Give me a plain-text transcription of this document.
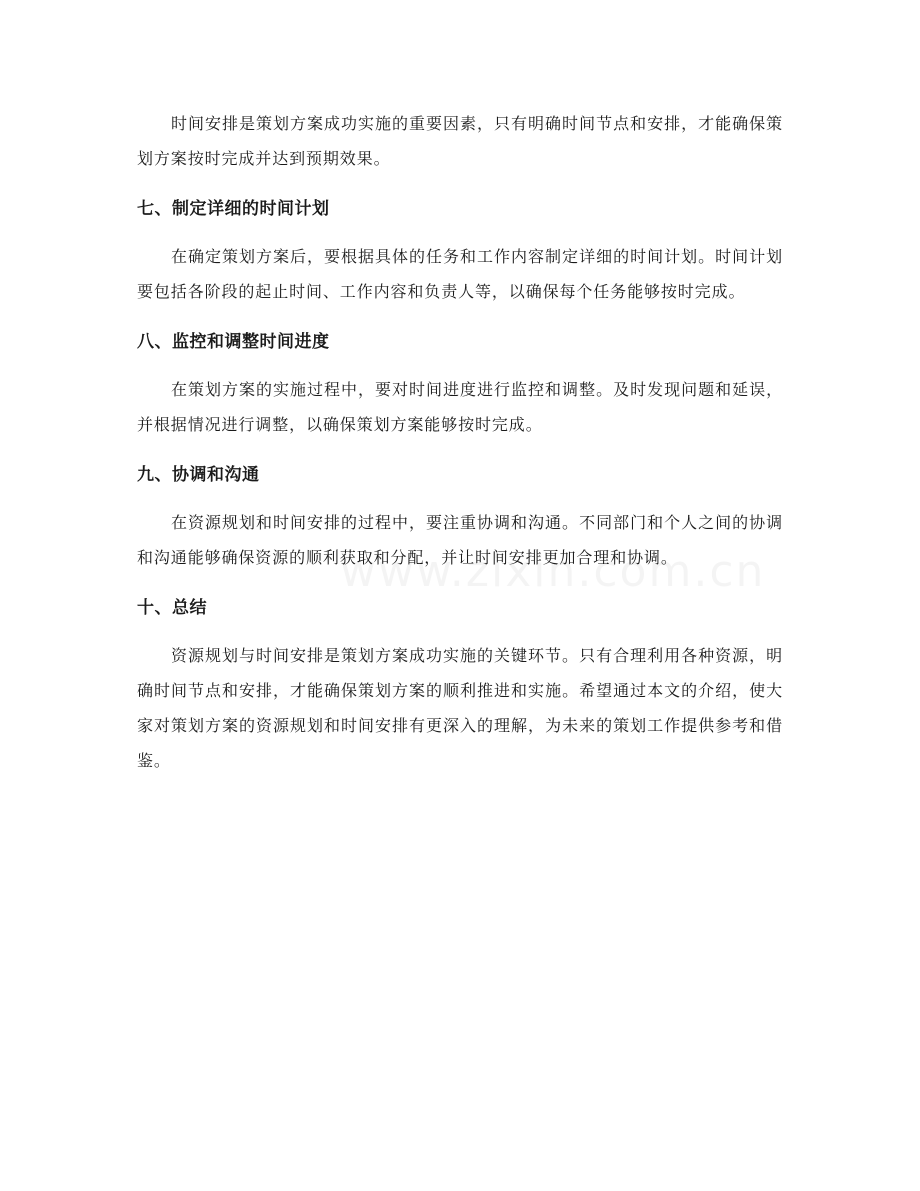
时间安排是策划方案成功实施的重要因素，只有明确时间节点和安排，才能确保策划方案按时完成并达到预期效果。

七、制定详细的时间计划

在确定策划方案后，要根据具体的任务和工作内容制定详细的时间计划。时间计划要包括各阶段的起止时间、工作内容和负责人等，以确保每个任务能够按时完成。

八、监控和调整时间进度

在策划方案的实施过程中，要对时间进度进行监控和调整。及时发现问题和延误，并根据情况进行调整，以确保策划方案能够按时完成。

九、协调和沟通

在资源规划和时间安排的过程中，要注重协调和沟通。不同部门和个人之间的协调和沟通能够确保资源的顺利获取和分配，并让时间安排更加合理和协调。

十、总结

资源规划与时间安排是策划方案成功实施的关键环节。只有合理利用各种资源，明确时间节点和安排，才能确保策划方案的顺利推进和实施。希望通过本文的介绍，使大家对策划方案的资源规划和时间安排有更深入的理解，为未来的策划工作提供参考和借鉴。
